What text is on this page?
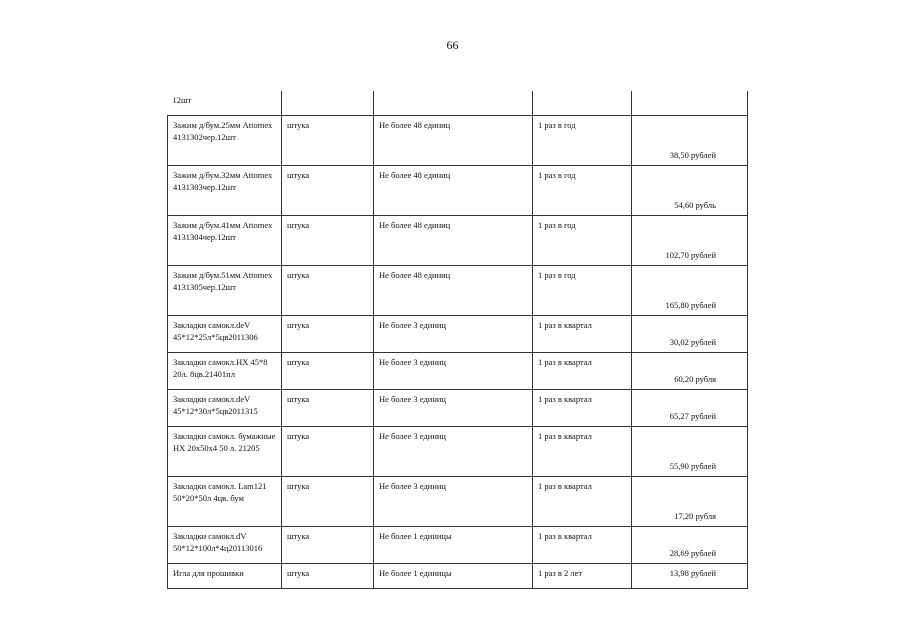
66
12шт				
Зажим д/бум.25мм Attomex 4131302чер.12шт	штука	Не более 48 единиц	1 раз в год	38,50 рублей
Зажим д/бум.32мм Attomex 4131303чер.12шт	штука	Не более 48 единиц	1 раз в год	54,60 рубль
Зажим д/бум.41мм Attomex 4131304чер.12шт	штука	Не более 48 единиц	1 раз в год	102,70 рублей
Зажим д/бум.51мм Attomex 4131305чер.12шт	штука	Не более 48 единиц	1 раз в год	165,80 рублей
Закладки самокл.deV 45*12*25л*5цв2011306	штука	Не более 3 единиц	1 раз в квартал	30,02 рублей
Закладки самокл.HX 45*8 20л. 8цв.21401пл	штука	Не более 3 единиц	1 раз в квартал	60,20 рубля
Закладки самокл.deV 45*12*30л*5цв2011315	штука	Не более 3 единиц	1 раз в квартал	65,27 рублей
Закладки самокл. бумажные HX 20x50x4 50 л. 21205	штука	Не более 3 единиц	1 раз в квартал	55,90 рублей
Закладки самокл. Lam121 50*20*50л 4цв. бум	штука	Не более 3 единиц	1 раз в квартал	17,20 рубля
Закладки самокл.dV 50*12*100л*4ц20113016	штука	Не более 1 единицы	1 раз в квартал	28,69 рублей
Игла для прошивки	штука	Не более 1 единицы	1 раз в 2 лет	13,98 рублей
